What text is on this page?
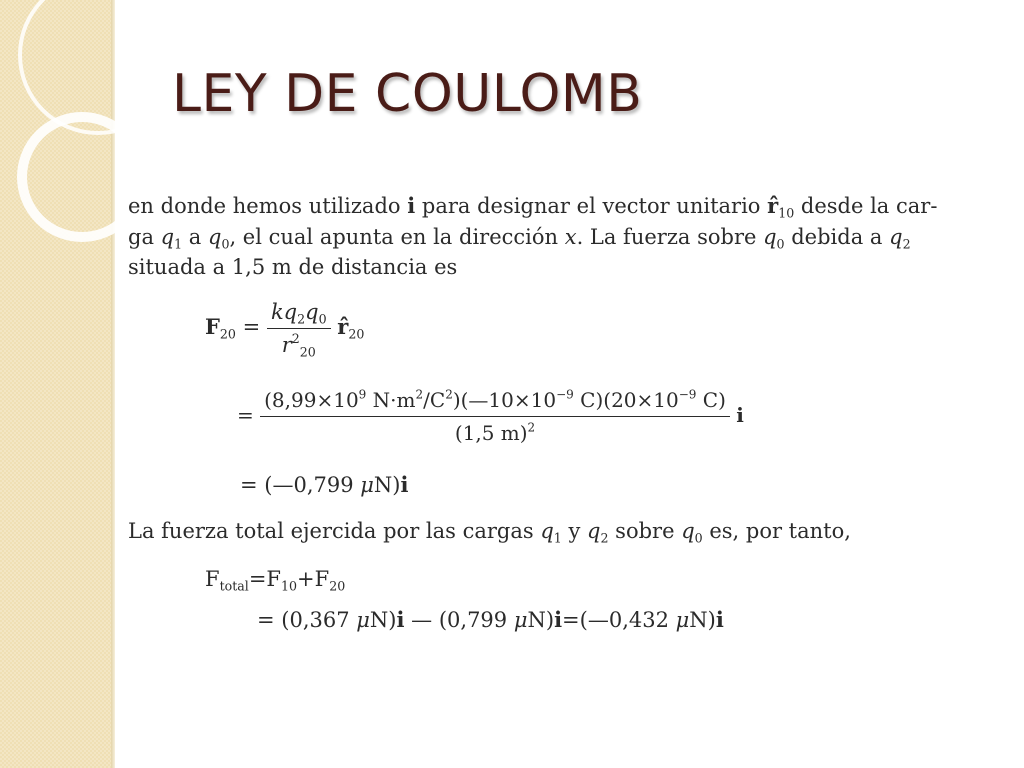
LEY DE COULOMB

en donde hemos utilizado i para designar el vector unitario $r̂_{10}$ desde la car-

ga $q_1$ a $q_0$, el cual apunta en la dirección x. La fuerza sobre $q_0$ debida a $q_2$

situada a 1,5 m de distancia es

$F_{20} = \frac{kq_2q_0}{r^2_{20}}$ $r̂_{20}$
= $\frac{(8,99\times 10^9 N\cdot m^2/C^2)(—10\times 10^{-9} C)(20\times 10^{-9} C)}{(1,5 m)^2}$ i
= (—0,799 μN)i

La fuerza total ejercida por las cargas $q_1$ y $q_2$ sobre $q_0$ es, por tanto,

$F_{total}=F_{10}+F_{20}$
= (0,367 μN)i — (0,799 μN)i=(—0,432 μN)i
